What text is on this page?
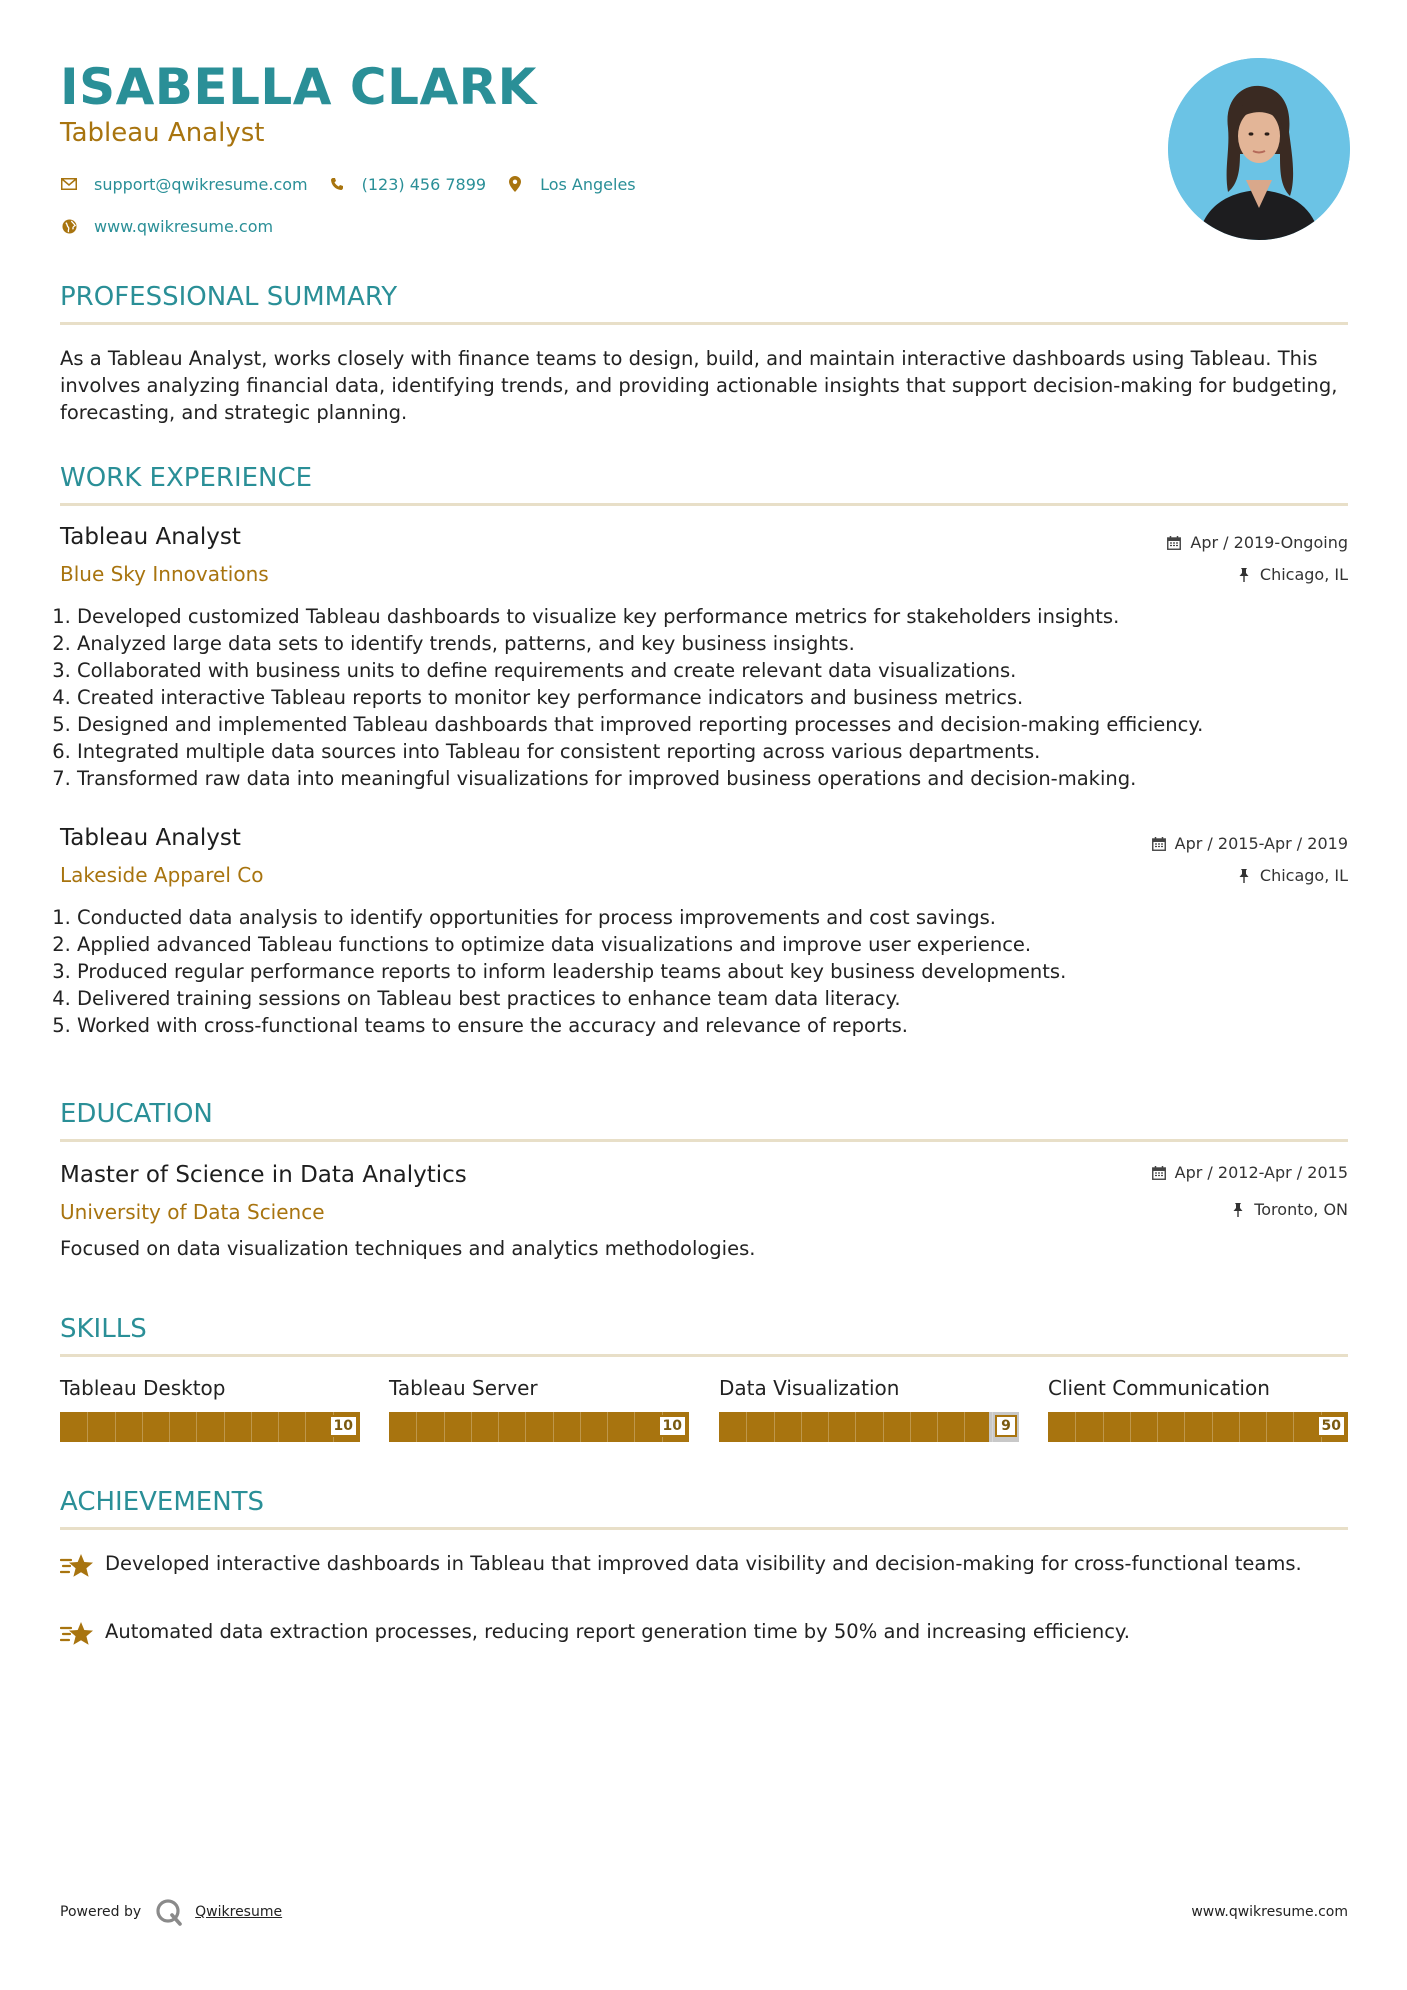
ISABELLA CLARK
Tableau Analyst
support@qwikresume.com	(123) 456 7899	Los Angeles
www.qwikresume.com
PROFESSIONAL SUMMARY
As a Tableau Analyst, works closely with finance teams to design, build, and maintain interactive dashboards using Tableau. This involves analyzing financial data, identifying trends, and providing actionable insights that support decision-making for budgeting, forecasting, and strategic planning.
WORK EXPERIENCE
Tableau Analyst	Apr / 2019-Ongoing
Blue Sky Innovations	Chicago, IL
1. Developed customized Tableau dashboards to visualize key performance metrics for stakeholders insights.
2. Analyzed large data sets to identify trends, patterns, and key business insights.
3. Collaborated with business units to define requirements and create relevant data visualizations.
4. Created interactive Tableau reports to monitor key performance indicators and business metrics.
5. Designed and implemented Tableau dashboards that improved reporting processes and decision-making efficiency.
6. Integrated multiple data sources into Tableau for consistent reporting across various departments.
7. Transformed raw data into meaningful visualizations for improved business operations and decision-making.
Tableau Analyst	Apr / 2015-Apr / 2019
Lakeside Apparel Co	Chicago, IL
1. Conducted data analysis to identify opportunities for process improvements and cost savings.
2. Applied advanced Tableau functions to optimize data visualizations and improve user experience.
3. Produced regular performance reports to inform leadership teams about key business developments.
4. Delivered training sessions on Tableau best practices to enhance team data literacy.
5. Worked with cross-functional teams to ensure the accuracy and relevance of reports.
EDUCATION
Master of Science in Data Analytics	Apr / 2012-Apr / 2015
University of Data Science	Toronto, ON
Focused on data visualization techniques and analytics methodologies.
SKILLS
Tableau Desktop
10
Tableau Server
10
Data Visualization
9
Client Communication
50
ACHIEVEMENTS
Developed interactive dashboards in Tableau that improved data visibility and decision-making for cross-functional teams.
Automated data extraction processes, reducing report generation time by 50% and increasing efficiency.
Powered by	Qwikresume	www.qwikresume.com
